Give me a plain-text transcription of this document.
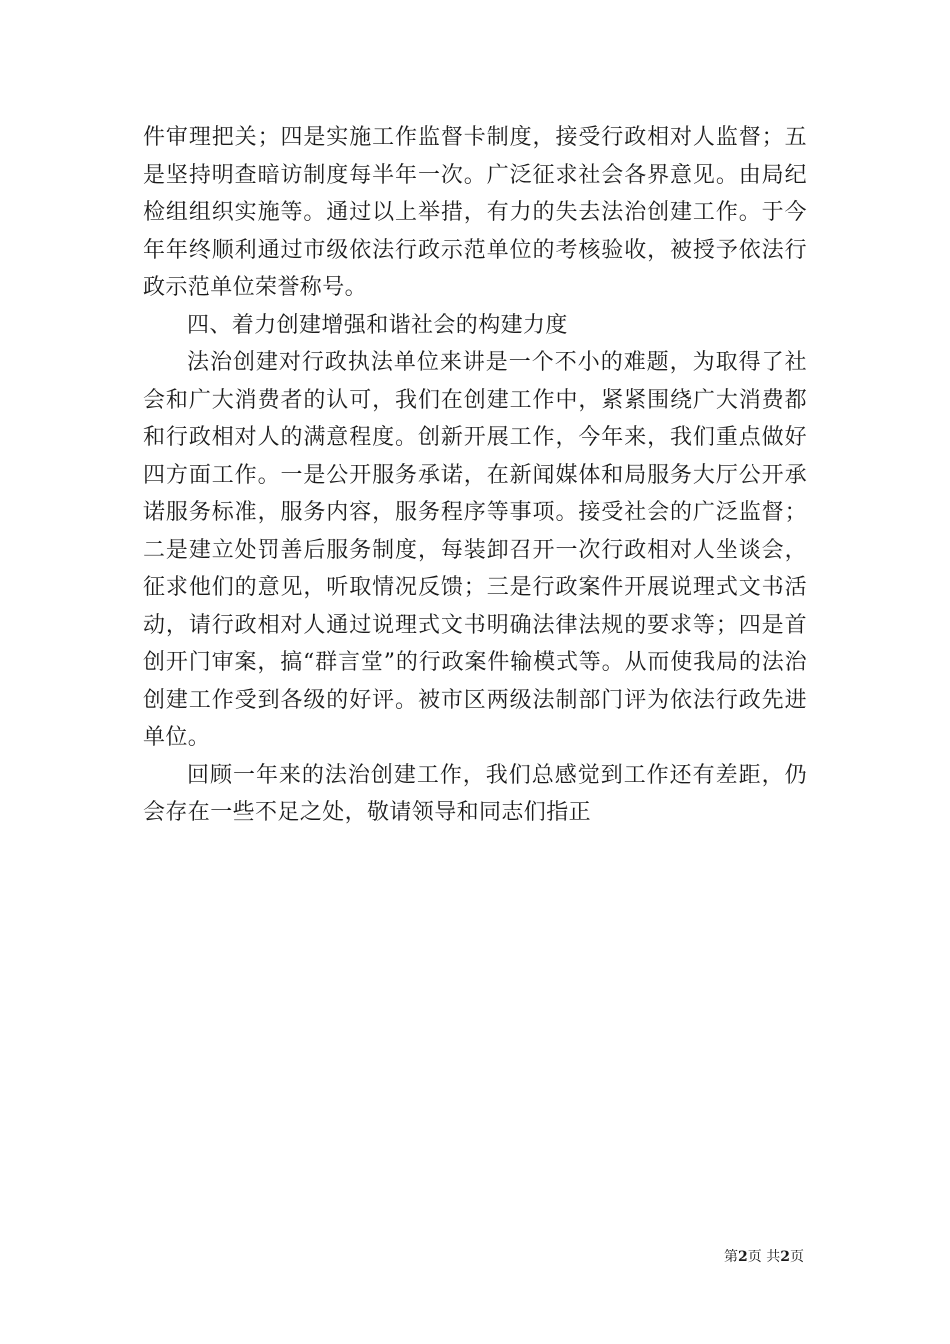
件审理把关；四是实施工作监督卡制度，接受行政相对人监督；五是坚持明查暗访制度每半年一次。广泛征求社会各界意见。由局纪检组组织实施等。通过以上举措，有力的失去法治创建工作。于今年年终顺利通过市级依法行政示范单位的考核验收，被授予依法行政示范单位荣誉称号。

四、着力创建增强和谐社会的构建力度

法治创建对行政执法单位来讲是一个不小的难题，为取得了社会和广大消费者的认可，我们在创建工作中，紧紧围绕广大消费都和行政相对人的满意程度。创新开展工作，今年来，我们重点做好四方面工作。一是公开服务承诺，在新闻媒体和局服务大厅公开承诺服务标准，服务内容，服务程序等事项。接受社会的广泛监督；二是建立处罚善后服务制度，每装卸召开一次行政相对人坐谈会，征求他们的意见，听取情况反馈；三是行政案件开展说理式文书活动，请行政相对人通过说理式文书明确法律法规的要求等；四是首创开门审案，搞“群言堂”的行政案件输模式等。从而使我局的法治创建工作受到各级的好评。被市区两级法制部门评为依法行政先进单位。

回顾一年来的法治创建工作，我们总感觉到工作还有差距，仍会存在一些不足之处，敬请领导和同志们指正

第2页 共2页
